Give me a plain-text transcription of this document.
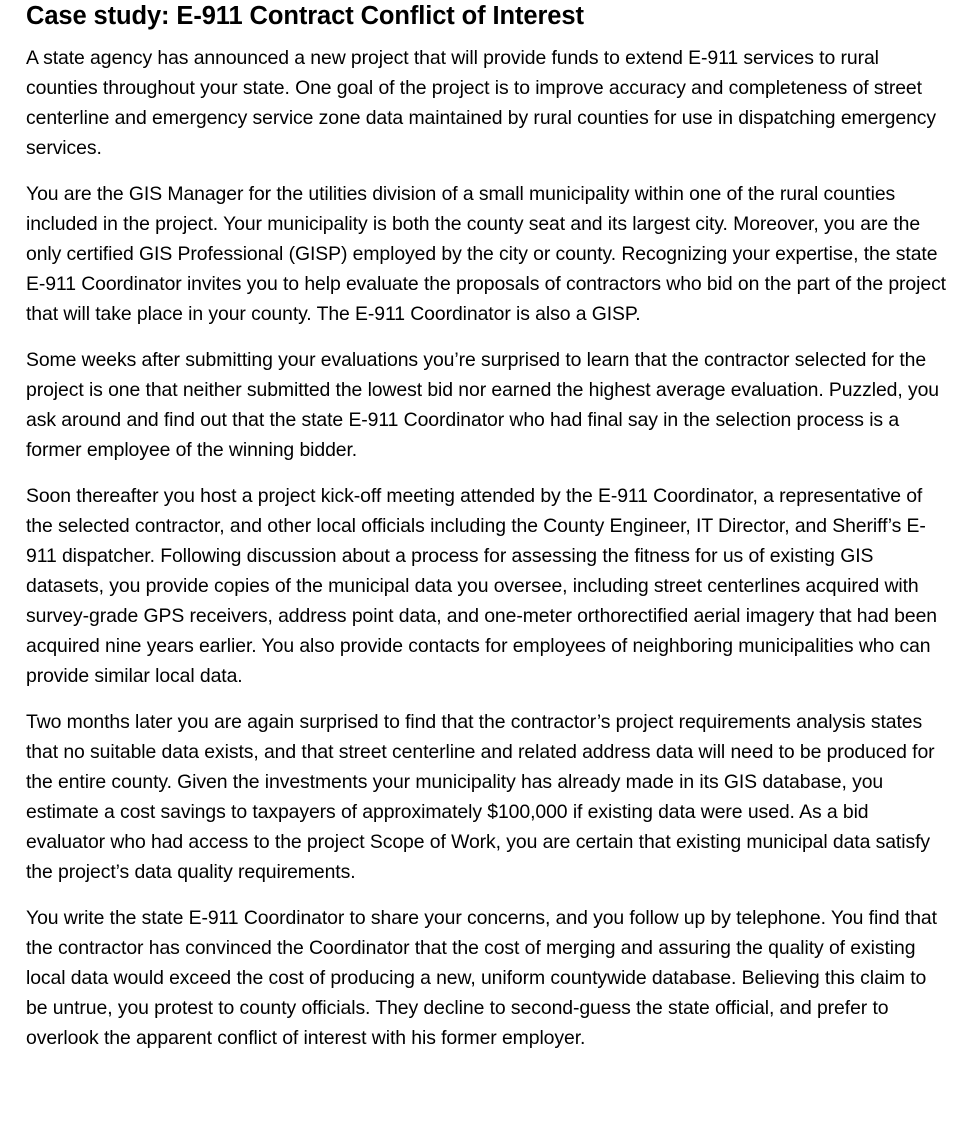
Case study: E-911 Contract Conflict of Interest

A state agency has announced a new project that will provide funds to extend E-911 services to rural counties throughout your state. One goal of the project is to improve accuracy and completeness of street centerline and emergency service zone data maintained by rural counties for use in dispatching emergency services.

You are the GIS Manager for the utilities division of a small municipality within one of the rural counties included in the project. Your municipality is both the county seat and its largest city. Moreover, you are the only certified GIS Professional (GISP) employed by the city or county. Recognizing your expertise, the state E-911 Coordinator invites you to help evaluate the proposals of contractors who bid on the part of the project that will take place in your county. The E-911 Coordinator is also a GISP.

Some weeks after submitting your evaluations you’re surprised to learn that the contractor selected for the project is one that neither submitted the lowest bid nor earned the highest average evaluation. Puzzled, you ask around and find out that the state E-911 Coordinator who had final say in the selection process is a former employee of the winning bidder.

Soon thereafter you host a project kick-off meeting attended by the E-911 Coordinator, a representative of the selected contractor, and other local officials including the County Engineer, IT Director, and Sheriff’s E-911 dispatcher. Following discussion about a process for assessing the fitness for us of existing GIS datasets, you provide copies of the municipal data you oversee, including street centerlines acquired with survey-grade GPS receivers, address point data, and one-meter orthorectified aerial imagery that had been acquired nine years earlier. You also provide contacts for employees of neighboring municipalities who can provide similar local data.

Two months later you are again surprised to find that the contractor’s project requirements analysis states that no suitable data exists, and that street centerline and related address data will need to be produced for the entire county. Given the investments your municipality has already made in its GIS database, you estimate a cost savings to taxpayers of approximately $100,000 if existing data were used. As a bid evaluator who had access to the project Scope of Work, you are certain that existing municipal data satisfy the project’s data quality requirements.

You write the state E-911 Coordinator to share your concerns, and you follow up by telephone. You find that the contractor has convinced the Coordinator that the cost of merging and assuring the quality of existing local data would exceed the cost of producing a new, uniform countywide database. Believing this claim to be untrue, you protest to county officials. They decline to second-guess the state official, and prefer to overlook the apparent conflict of interest with his former employer.
